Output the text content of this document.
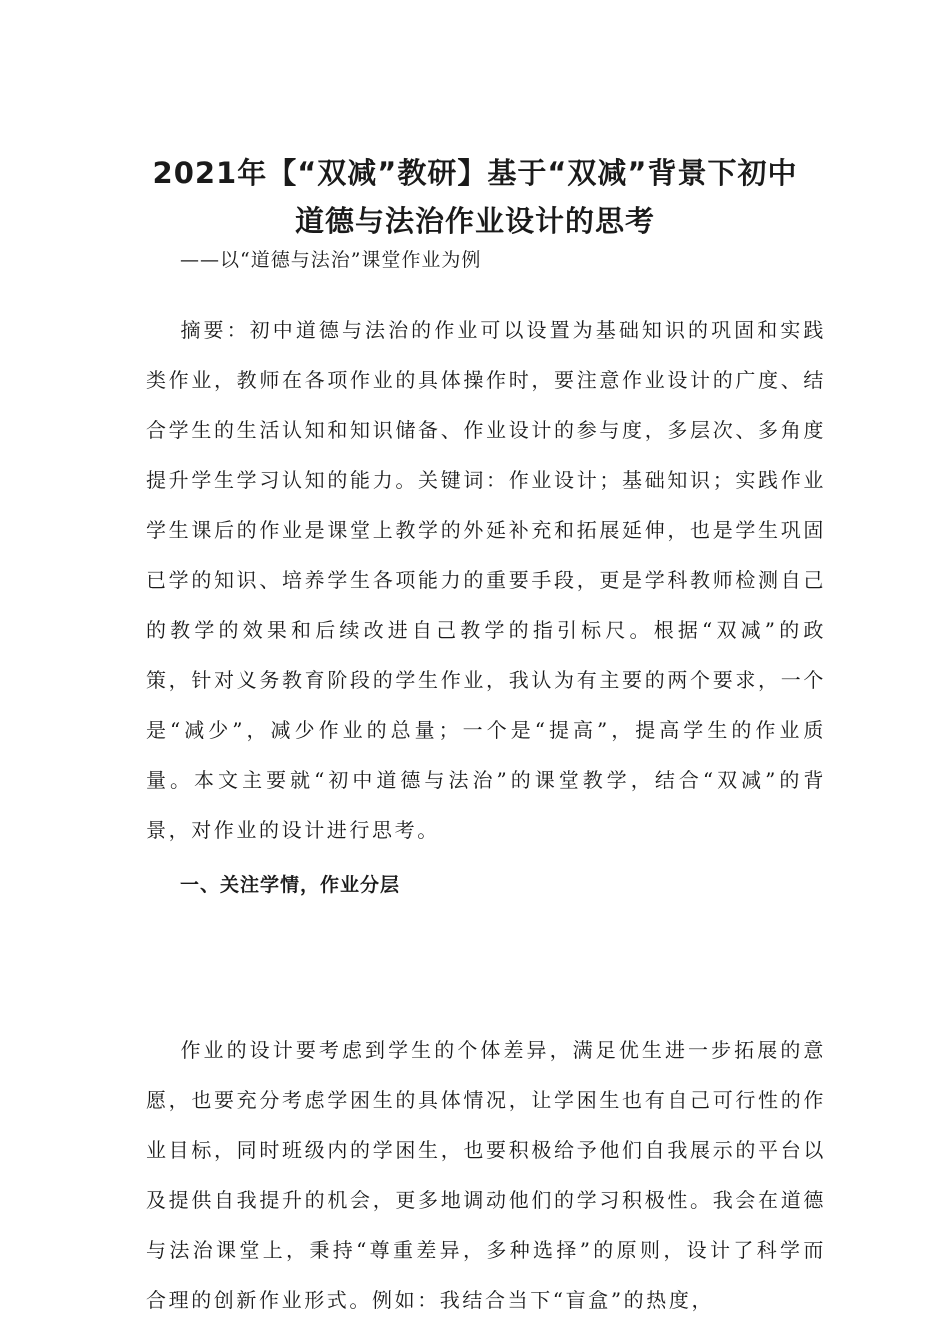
2021年【“双减”教研】基于“双减”背景下初中
道德与法治作业设计的思考
——以“道德与法治”课堂作业为例

摘要：初中道德与法治的作业可以设置为基础知识的巩固和实践类作业，教师在各项作业的具体操作时，要注意作业设计的广度、结合学生的生活认知和知识储备、作业设计的参与度，多层次、多角度提升学生学习认知的能力。关键词：作业设计；基础知识；实践作业学生课后的作业是课堂上教学的外延补充和拓展延伸，也是学生巩固已学的知识、培养学生各项能力的重要手段，更是学科教师检测自己的教学的效果和后续改进自己教学的指引标尺。根据“双减”的政策，针对义务教育阶段的学生作业，我认为有主要的两个要求，一个是“减少”，减少作业的总量；一个是“提高”，提高学生的作业质量。本文主要就“初中道德与法治”的课堂教学，结合“双减”的背景，对作业的设计进行思考。

一、关注学情，作业分层

作业的设计要考虑到学生的个体差异，满足优生进一步拓展的意愿，也要充分考虑学困生的具体情况，让学困生也有自己可行性的作业目标，同时班级内的学困生，也要积极给予他们自我展示的平台以及提供自我提升的机会，更多地调动他们的学习积极性。我会在道德与法治课堂上，秉持“尊重差异，多种选择”的原则，设计了科学而合理的创新作业形式。例如：我结合当下“盲盒”的热度，
